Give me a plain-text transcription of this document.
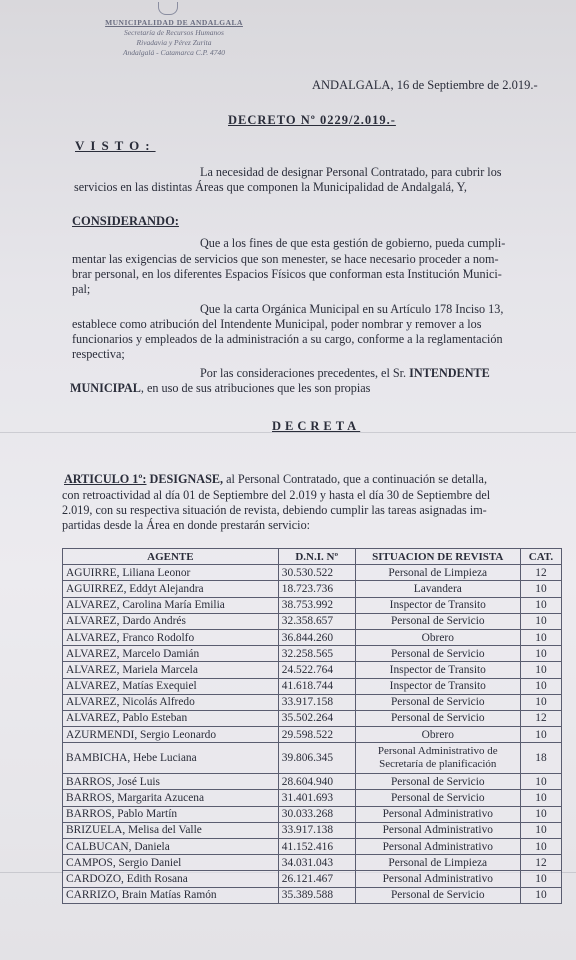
MUNICIPALIDAD DE ANDALGALA
Secretaría de Recursos Humanos
Rivadavia y Pérez Zurita
Andalgalá - Catamarca C.P. 4740
ANDALGALA, 16 de Septiembre de 2.019.-
DECRETO Nº 0229/2.019.-
VISTO:
La necesidad de designar Personal Contratado, para cubrir los
servicios en las distintas Áreas que componen la Municipalidad de Andalgalá, Y,
CONSIDERANDO:
Que a los fines de que esta gestión de gobierno, pueda cumpli-
mentar las exigencias de servicios que son menester, se hace necesario proceder a nom-
brar personal, en los diferentes Espacios Físicos que conforman esta Institución Munici-
pal;
Que la carta Orgánica Municipal en su Artículo 178 Inciso 13,
establece como atribución del Intendente Municipal, poder nombrar y remover a los
funcionarios y empleados de la administración a su cargo, conforme a la reglamentación
respectiva;
Por las consideraciones precedentes, el Sr. INTENDENTE
MUNICIPAL, en uso de sus atribuciones que les son propias
DECRETA
ARTICULO 1º: DESIGNASE, al Personal Contratado, que a continuación se detalla,
con retroactividad al día 01 de Septiembre del 2.019 y hasta el día 30 de Septiembre del
2.019, con su respectiva situación de revista, debiendo cumplir las tareas asignadas im-
partidas desde la Área en donde prestarán servicio:
AGENTE	D.N.I. Nº	SITUACION DE REVISTA	CAT.
AGUIRRE, Liliana Leonor	30.530.522	Personal de Limpieza	12
AGUIRREZ, Eddyt Alejandra	18.723.736	Lavandera	10
ALVAREZ, Carolina María Emilia	38.753.992	Inspector de Transito	10
ALVAREZ, Dardo Andrés	32.358.657	Personal de Servicio	10
ALVAREZ, Franco Rodolfo	36.844.260	Obrero	10
ALVAREZ, Marcelo Damián	32.258.565	Personal de Servicio	10
ALVAREZ, Mariela Marcela	24.522.764	Inspector de Transito	10
ALVAREZ, Matías Exequiel	41.618.744	Inspector de Transito	10
ALVAREZ, Nicolás Alfredo	33.917.158	Personal de Servicio	10
ALVAREZ, Pablo Esteban	35.502.264	Personal de Servicio	12
AZURMENDI, Sergio Leonardo	29.598.522	Obrero	10
BAMBICHA, Hebe Luciana	39.806.345	Personal Administrativo de Secretaría de planificación	18
BARROS, José Luis	28.604.940	Personal de Servicio	10
BARROS, Margarita Azucena	31.401.693	Personal de Servicio	10
BARROS, Pablo Martín	30.033.268	Personal Administrativo	10
BRIZUELA, Melisa del Valle	33.917.138	Personal Administrativo	10
CALBUCAN, Daniela	41.152.416	Personal Administrativo	10
CAMPOS, Sergio Daniel	34.031.043	Personal de Limpieza	12
CARDOZO, Edith Rosana	26.121.467	Personal Administrativo	10
CARRIZO, Brain Matías Ramón	35.389.588	Personal de Servicio	10
